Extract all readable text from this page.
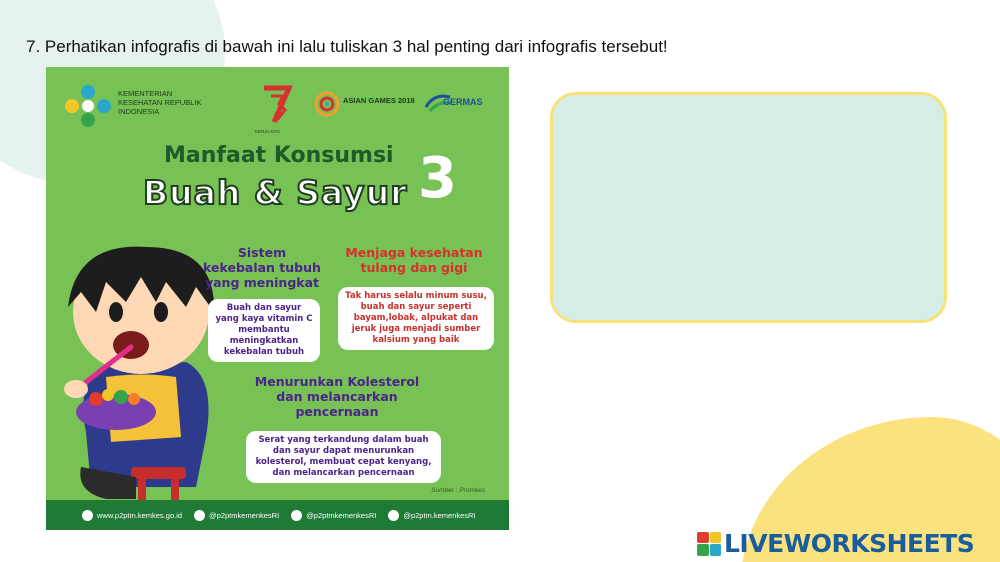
7. Perhatikan infografis di bawah ini lalu tuliskan 3 hal penting dari infografis tersebut!
KEMENTERIAN KESEHATAN REPUBLIK INDONESIA
KERJA KITA
ASIAN GAMES 2018	GERMAS
Manfaat Konsumsi
Buah & Sayur 3
Sistem kekebalan tubuh yang meningkat
Buah dan sayur yang kaya vitamin C membantu meningkatkan kekebalan tubuh
Menjaga kesehatan tulang dan gigi
Tak harus selalu minum susu, buah dan sayur seperti bayam,lobak, alpukat dan jeruk juga menjadi sumber kalsium yang baik
Menurunkan Kolesterol dan melancarkan pencernaan
Serat yang terkandung dalam buah dan sayur dapat menurunkan kolesterol, membuat cepat kenyang, dan melancarkan pencernaan
Sumber : Promkes
www.p2ptm.kemkes.go.id	@p2ptmkemenkesRI	@p2ptmkemenkesRI	@p2ptm.kemenkesRI
LIVEWORKSHEETS
